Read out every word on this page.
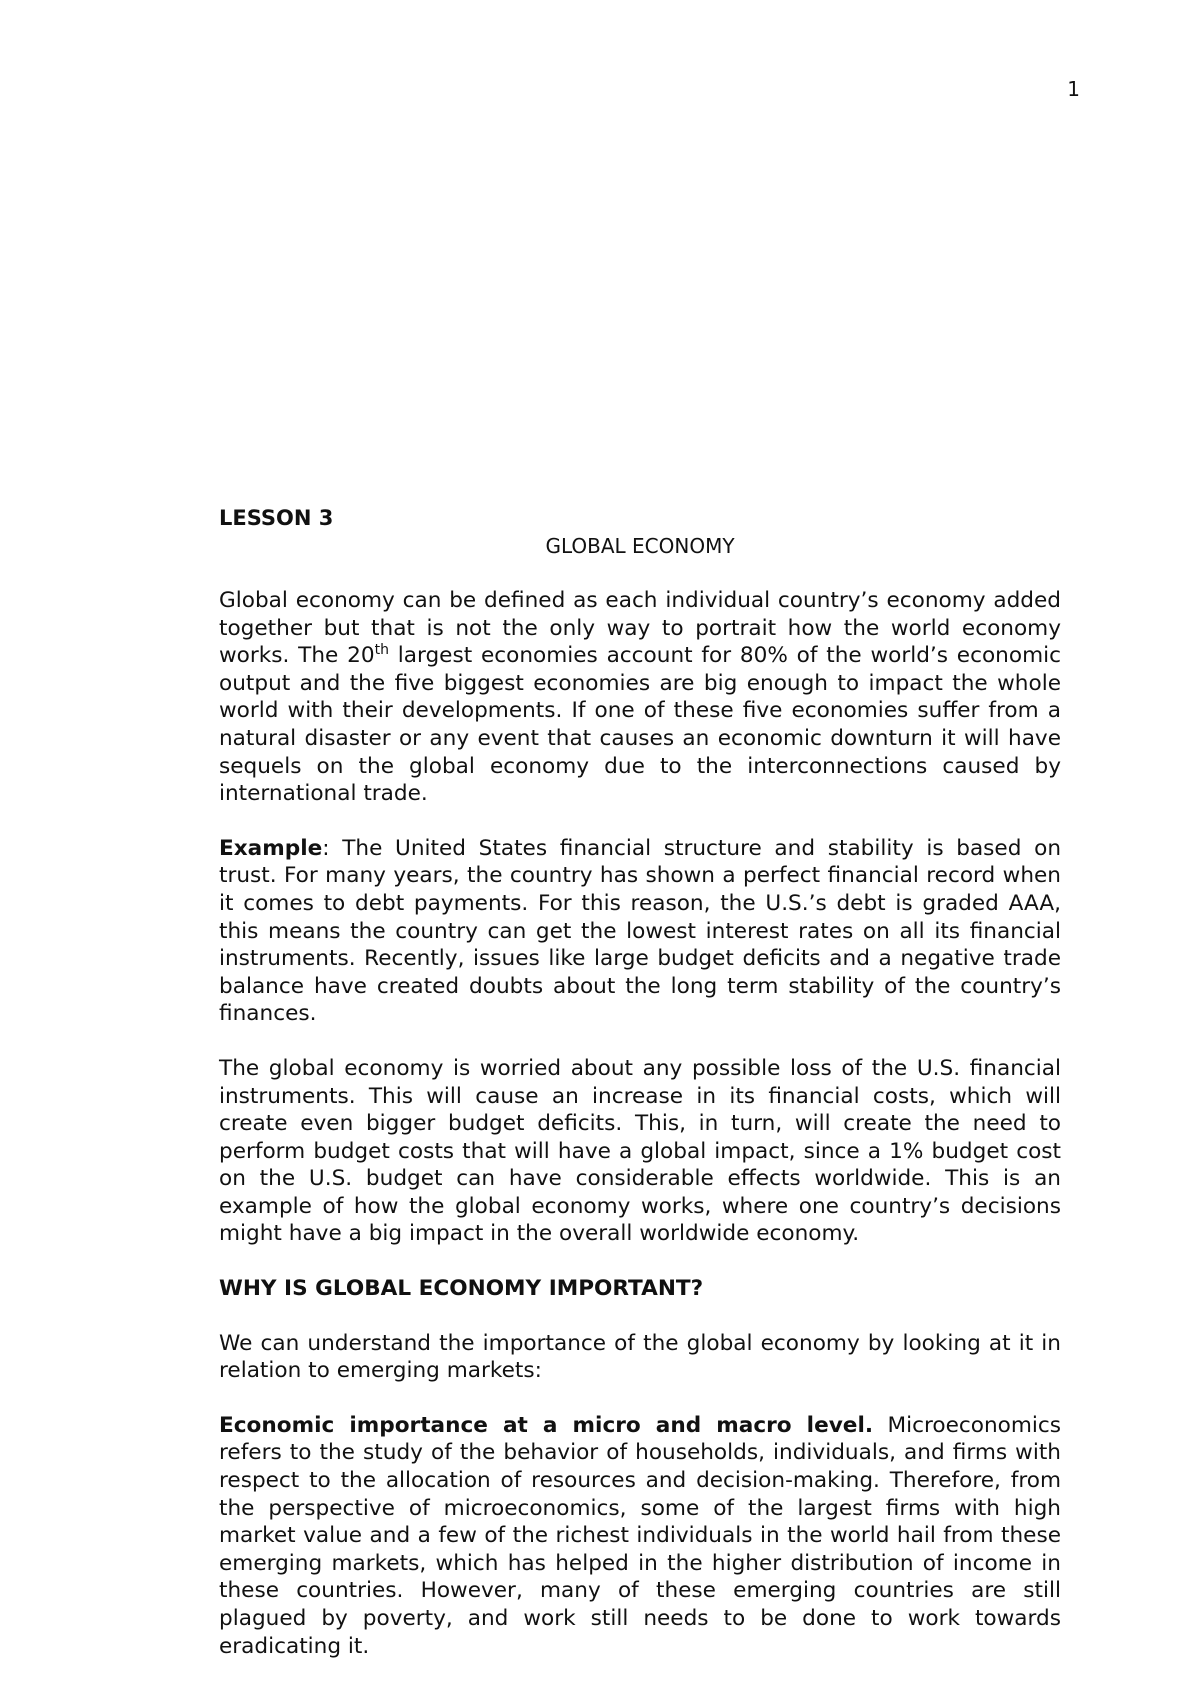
1
LESSON 3
GLOBAL ECONOMY

Global economy can be defined as each individual country’s economy added together but that is not the only way to portrait how the world economy works. The 20th largest economies account for 80% of the world’s economic output and the five biggest economies are big enough to impact the whole world with their developments. If one of these five economies suffer from a natural disaster or any event that causes an economic downturn it will have sequels on the global economy due to the interconnections caused by international trade.

Example: The United States financial structure and stability is based on trust. For many years, the country has shown a perfect financial record when it comes to debt payments. For this reason, the U.S.’s debt is graded AAA, this means the country can get the lowest interest rates on all its financial instruments. Recently, issues like large budget deficits and a negative trade balance have created doubts about the long term stability of the country’s finances.

The global economy is worried about any possible loss of the U.S. financial instruments. This will cause an increase in its financial costs, which will create even bigger budget deficits. This, in turn, will create the need to perform budget costs that will have a global impact, since a 1% budget cost on the U.S. budget can have considerable effects worldwide. This is an example of how the global economy works, where one country’s decisions might have a big impact in the overall worldwide economy.

WHY IS GLOBAL ECONOMY IMPORTANT?

We can understand the importance of the global economy by looking at it in relation to emerging markets:

Economic importance at a micro and macro level. Microeconomics refers to the study of the behavior of households, individuals, and firms with respect to the allocation of resources and decision-making. Therefore, from the perspective of microeconomics, some of the largest firms with high market value and a few of the richest individuals in the world hail from these emerging markets, which has helped in the higher distribution of income in these countries. However, many of these emerging countries are still plagued by poverty, and work still needs to be done to work towards eradicating it.
